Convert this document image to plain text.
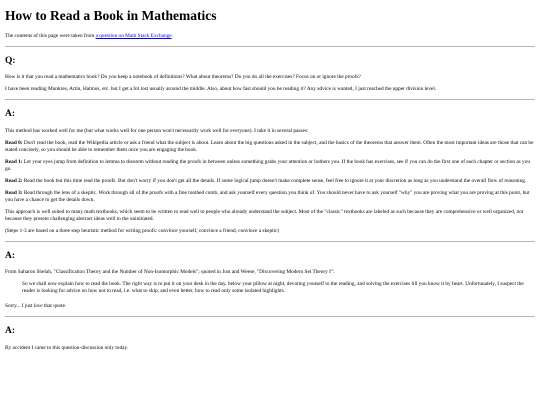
How to Read a Book in Mathematics

The contents of this page were taken from a question on Math Stack Exchange.

Q:

How is it that you read a mathematics book? Do you keep a notebook of definitions? What about theorems? Do you do all the exercises? Focus on or ignore the proofs?

I have been reading Munkres, Artin, Halmos, etc. but I get a bit lost usually around the middle. Also, about how fast should you be reading it? Any advice is wanted, I just reached the upper division level.

A:

This method has worked well for me (but what works well for one person won't necessarily work well for everyone). I take it in several passes:

Read 0: Don't read the book, read the Wikipedia article or ask a friend what the subject is about. Learn about the big questions asked in the subject, and the basics of the theorems that answer them. Often the most important ideas are those that can be stated concisely, so you should be able to remember them once you are engaging the book.

Read 1: Let your eyes jump from definition to lemma to theorem without reading the proofs in between unless something grabs your attention or bothers you. If the book has exercises, see if you can do the first one of each chapter or section as you go.

Read 2: Read the book but this time read the proofs. But don't worry if you don't get all the details. If some logical jump doesn't make complete sense, feel free to ignore it at your discretion as long as you understand the overall flow of reasoning.

Read 3: Read through the lens of a skeptic. Work through all of the proofs with a fine toothed comb, and ask yourself every question you think of. You should never have to ask yourself "why" you are proving what you are proving at this point, but you have a chance to get the details down.

This approach is well suited to many math textbooks, which seem to be written to read well to people who already understand the subject. Most of the "classic" textbooks are labeled as such because they are comprehensive or well organized, not because they present challenging abstract ideas well to the uninitiated.

(Steps 1-3 are based on a three step heuristic method for writing proofs: convince yourself, convince a friend, convince a skeptic)

A:

From Saharon Shelah, "Classification Theory and the Number of Non-Isomorphic Models"; quoted in Just and Weese, "Discovering Modern Set Theory I":

So we shall now explain how to read the book. The right way is to put it on your desk in the day, below your pillow at night, devoting yourself to the reading, and solving the exercises till you know it by heart. Unfortunately, I suspect the reader is looking for advice on how not to read, i.e. what to skip, and even better, how to read only some isolated highlights.

Sorry... I just love that quote.

A:

By accident I came to this question-discussion only today.
